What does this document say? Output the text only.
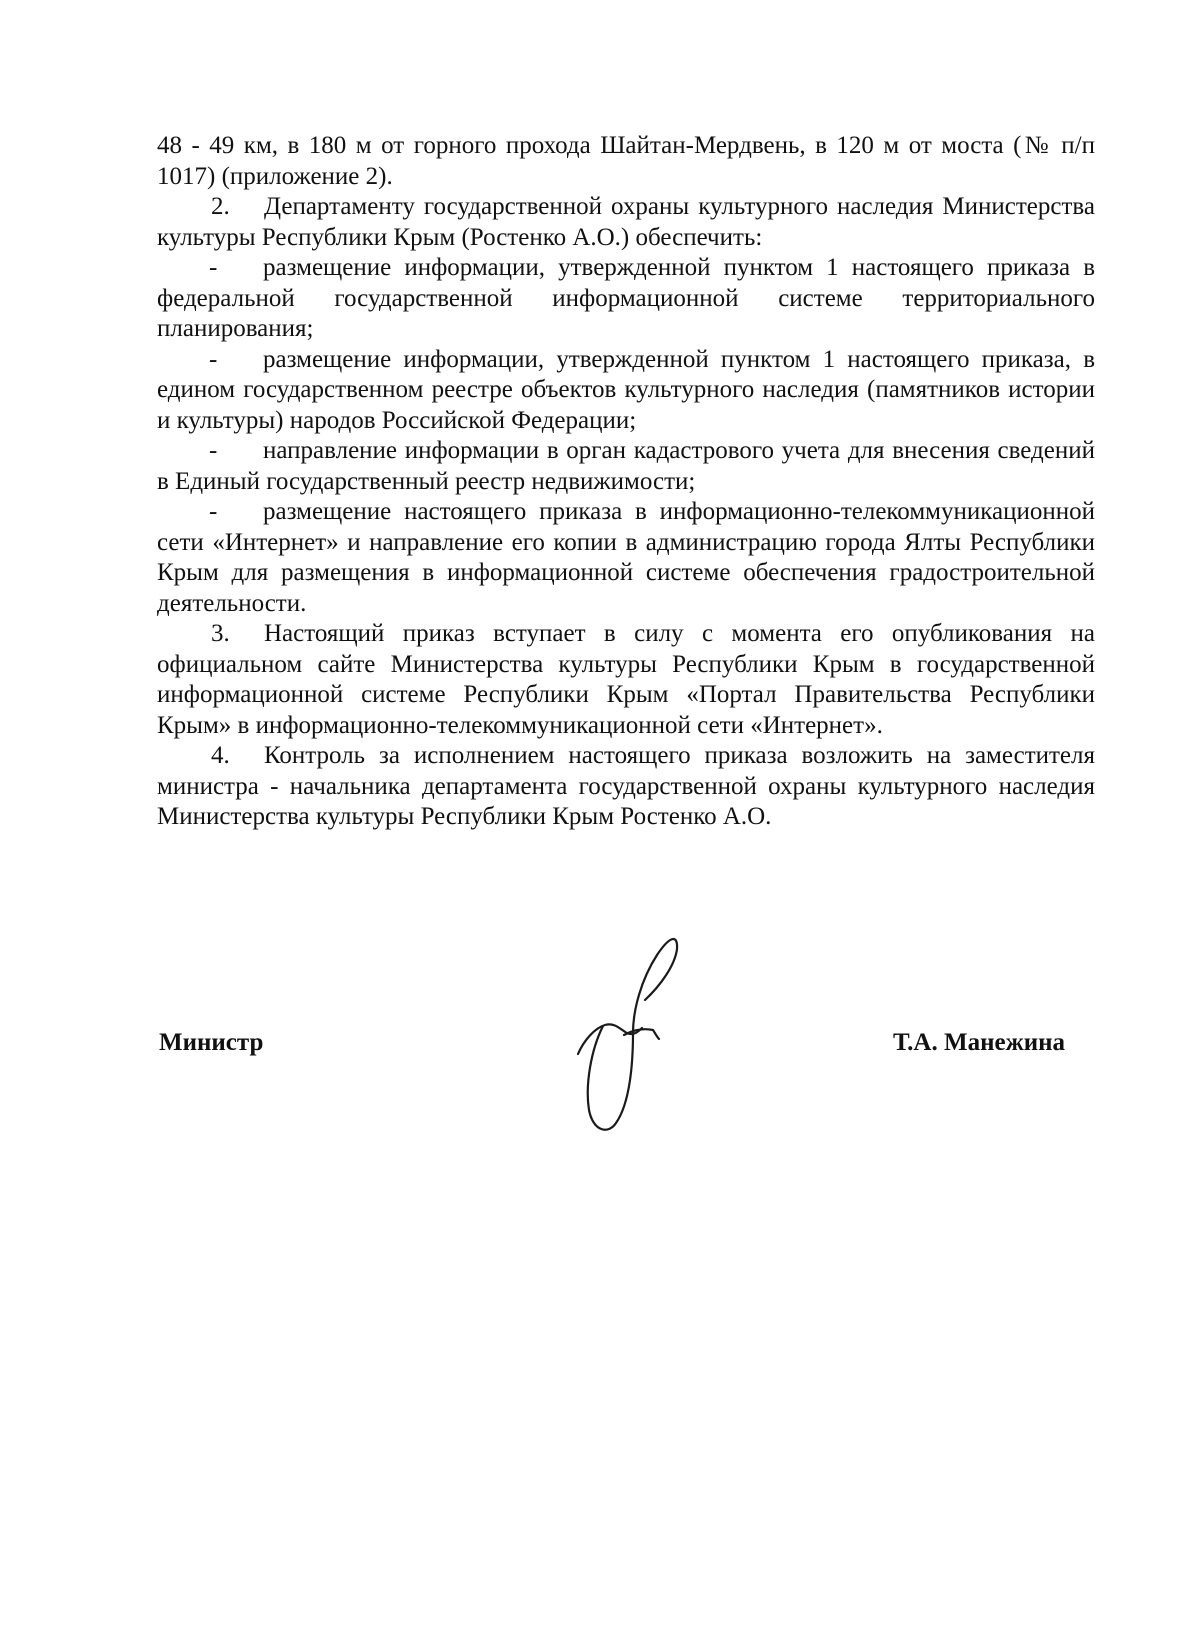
48 - 49 км, в 180 м от горного прохода Шайтан-Мердвень, в 120 м от моста (№ п/п 1017) (приложение 2).

2. Департаменту государственной охраны культурного наследия Министерства культуры Республики Крым (Ростенко А.О.) обеспечить:

- размещение информации, утвержденной пунктом 1 настоящего приказа в федеральной государственной информационной системе территориального планирования;

- размещение информации, утвержденной пунктом 1 настоящего приказа, в едином государственном реестре объектов культурного наследия (памятников истории и культуры) народов Российской Федерации;

- направление информации в орган кадастрового учета для внесения сведений в Единый государственный реестр недвижимости;

- размещение настоящего приказа в информационно-телекоммуникационной сети «Интернет» и направление его копии в администрацию города Ялты Республики Крым для размещения в информационной системе обеспечения градостроительной деятельности.

3. Настоящий приказ вступает в силу с момента его опубликования на официальном сайте Министерства культуры Республики Крым в государственной информационной системе Республики Крым «Портал Правительства Республики Крым» в информационно-телекоммуникационной сети «Интернет».

4. Контроль за исполнением настоящего приказа возложить на заместителя министра - начальника департамента государственной охраны культурного наследия Министерства культуры Республики Крым Ростенко А.О.

Министр	Т.А. Манежина
